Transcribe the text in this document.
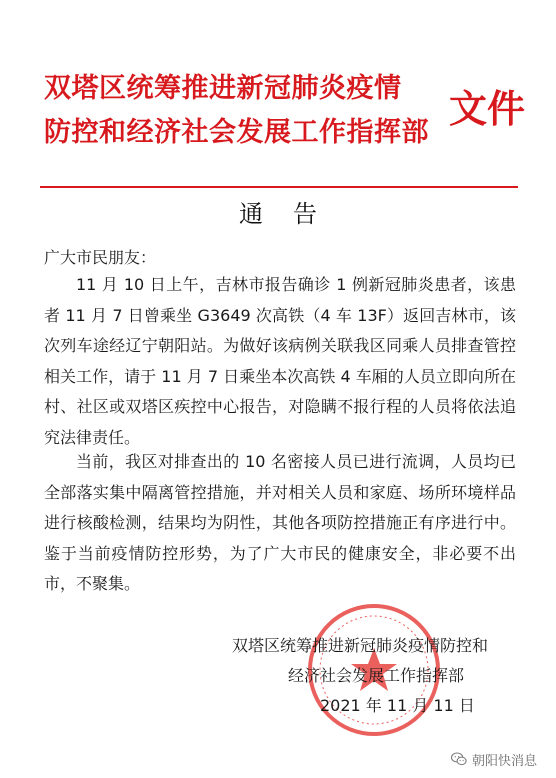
双塔区统筹推进新冠肺炎疫情
防控和经济社会发展工作指挥部
文件
通告
广大市民朋友：

11 月 10 日上午，吉林市报告确诊 1 例新冠肺炎患者，该患者 11 月 7 日曾乘坐 G3649 次高铁（4 车 13F）返回吉林市，该次列车途经辽宁朝阳站。为做好该病例关联我区同乘人员排查管控相关工作，请于 11 月 7 日乘坐本次高铁 4 车厢的人员立即向所在村、社区或双塔区疾控中心报告，对隐瞒不报行程的人员将依法追究法律责任。

当前，我区对排查出的 10 名密接人员已进行流调，人员均已全部落实集中隔离管控措施，并对相关人员和家庭、场所环境样品进行核酸检测，结果均为阴性，其他各项防控措施正有序进行中。鉴于当前疫情防控形势，为了广大市民的健康安全，非必要不出市，不聚集。

双塔区统筹推进新冠肺炎疫情防控和
经济社会发展工作指挥部
2021 年 11 月 11 日
朝阳快消息
